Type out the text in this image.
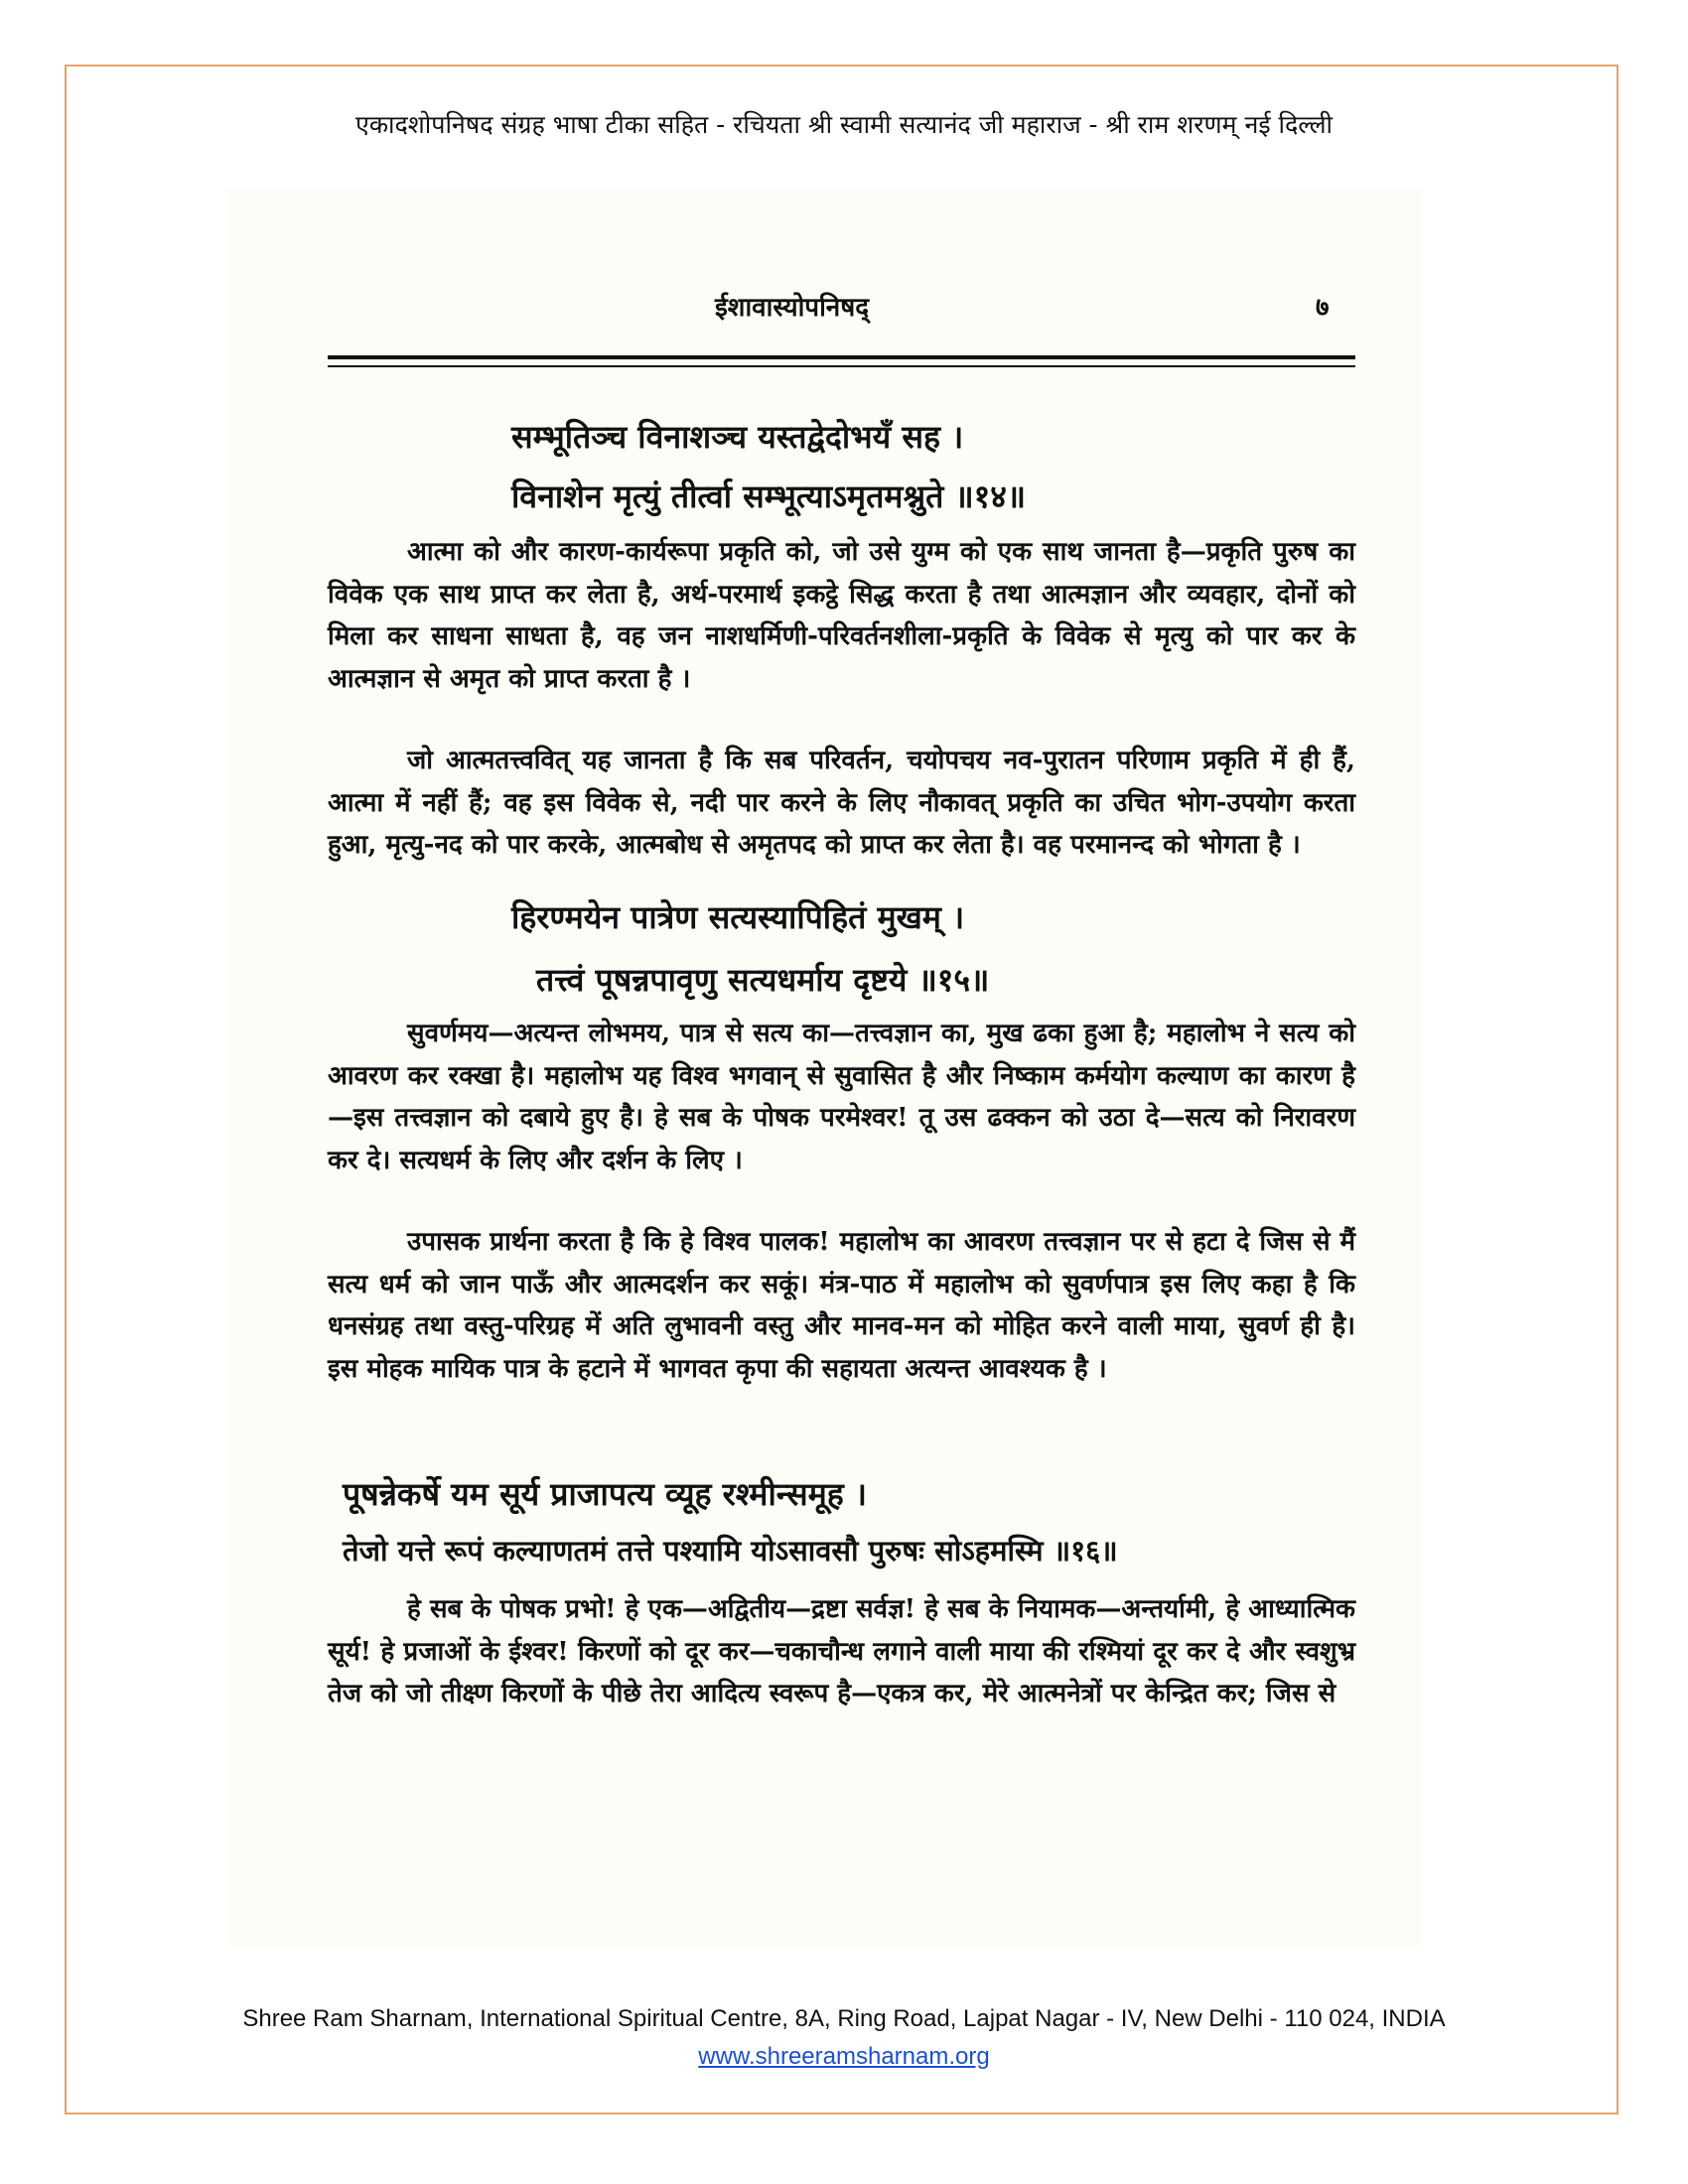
एकादशोपनिषद संग्रह भाषा टीका सहित - रचियता श्री स्वामी सत्यानंद जी महाराज - श्री राम शरणम् नई दिल्ली
ईशावास्योपनिषद्	७
सम्भूतिञ्च विनाशञ्च यस्तद्वेदोभयँ सह ।
विनाशेन मृत्युं तीर्त्वा सम्भूत्याऽमृतमश्नुते ॥१४॥
आत्मा को और कारण-कार्यरूपा प्रकृति को, जो उसे युग्म को एक साथ जानता है—प्रकृति पुरुष का विवेक एक साथ प्राप्त कर लेता है, अर्थ-परमार्थ इकट्ठे सिद्ध करता है तथा आत्मज्ञान और व्यवहार, दोनों को मिला कर साधना साधता है, वह जन नाशधर्मिणी-परिवर्तनशीला-प्रकृति के विवेक से मृत्यु को पार कर के आत्मज्ञान से अमृत को प्राप्त करता है ।
जो आत्मतत्त्ववित् यह जानता है कि सब परिवर्तन, चयोपचय नव-पुरातन परिणाम प्रकृति में ही हैं, आत्मा में नहीं हैं; वह इस विवेक से, नदी पार करने के लिए नौकावत् प्रकृति का उचित भोग-उपयोग करता हुआ, मृत्यु-नद को पार करके, आत्मबोध से अमृतपद को प्राप्त कर लेता है। वह परमानन्द को भोगता है ।
हिरण्मयेन पात्रेण सत्यस्यापिहितं मुखम् ।
तत्त्वं पूषन्नपावृणु सत्यधर्माय दृष्टये ॥१५॥
सुवर्णमय—अत्यन्त लोभमय, पात्र से सत्य का—तत्त्वज्ञान का, मुख ढका हुआ है; महालोभ ने सत्य को आवरण कर रक्खा है। महालोभ यह विश्व भगवान् से सुवासित है और निष्काम कर्मयोग कल्याण का कारण है—इस तत्त्वज्ञान को दबाये हुए है। हे सब के पोषक परमेश्वर! तू उस ढक्कन को उठा दे—सत्य को निरावरण कर दे। सत्यधर्म के लिए और दर्शन के लिए ।
उपासक प्रार्थना करता है कि हे विश्व पालक! महालोभ का आवरण तत्त्वज्ञान पर से हटा दे जिस से मैं सत्य धर्म को जान पाऊँ और आत्मदर्शन कर सकूं। मंत्र-पाठ में महालोभ को सुवर्णपात्र इस लिए कहा है कि धनसंग्रह तथा वस्तु-परिग्रह में अति लुभावनी वस्तु और मानव-मन को मोहित करने वाली माया, सुवर्ण ही है। इस मोहक मायिक पात्र के हटाने में भागवत कृपा की सहायता अत्यन्त आवश्यक है ।
पूषन्नेकर्षे यम सूर्य प्राजापत्य व्यूह रश्मीन्समूह ।
तेजो यत्ते रूपं कल्याणतमं तत्ते पश्यामि योऽसावसौ पुरुषः सोऽहमस्मि ॥१६॥
हे सब के पोषक प्रभो! हे एक—अद्वितीय—द्रष्टा सर्वज्ञ! हे सब के नियामक—अन्तर्यामी, हे आध्यात्मिक सूर्य! हे प्रजाओं के ईश्वर! किरणों को दूर कर—चकाचौन्ध लगाने वाली माया की रश्मियां दूर कर दे और स्वशुभ्र तेज को जो तीक्ष्ण किरणों के पीछे तेरा आदित्य स्वरूप है—एकत्र कर, मेरे आत्मनेत्रों पर केन्द्रित कर; जिस से
Shree Ram Sharnam, International Spiritual Centre, 8A, Ring Road, Lajpat Nagar - IV, New Delhi - 110 024, INDIA
www.shreeramsharnam.org
